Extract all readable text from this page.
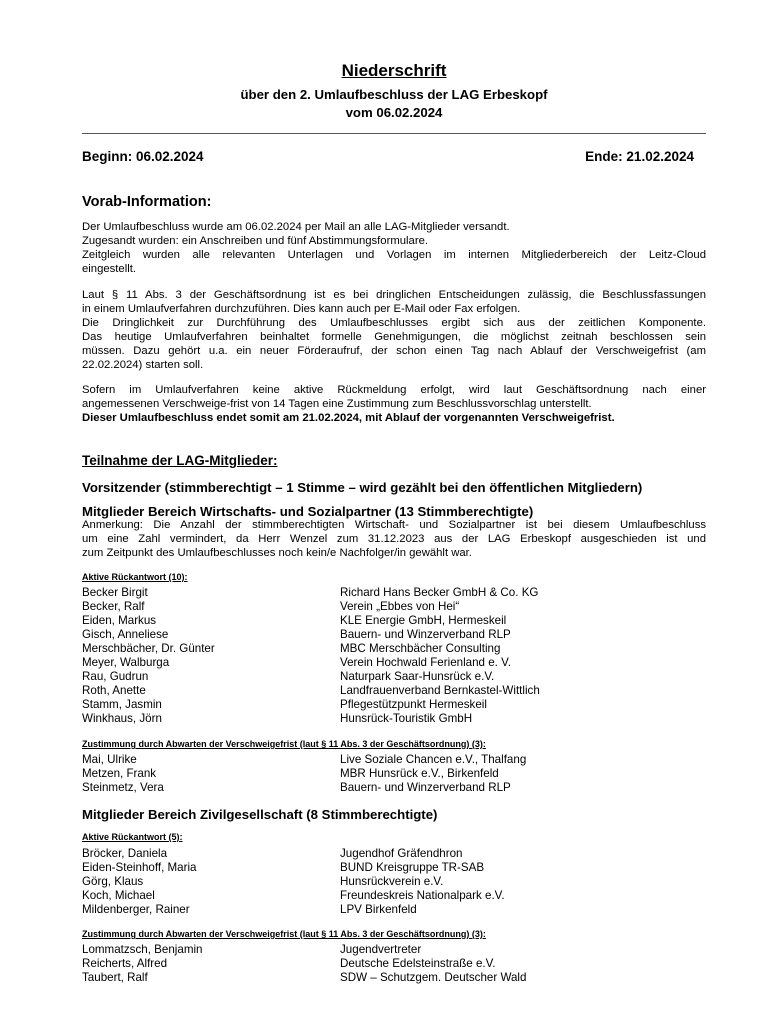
Niederschrift
über den 2. Umlaufbeschluss der LAG Erbeskopf
vom 06.02.2024
Beginn: 06.02.2024	Ende: 21.02.2024
Vorab-Information:
Der Umlaufbeschluss wurde am 06.02.2024 per Mail an alle LAG-Mitglieder versandt.
Zugesandt wurden: ein Anschreiben und fünf Abstimmungsformulare.
Zeitgleich wurden alle relevanten Unterlagen und Vorlagen im internen Mitgliederbereich der Leitz-Cloud
eingestellt.
Laut § 11 Abs. 3 der Geschäftsordnung ist es bei dringlichen Entscheidungen zulässig, die Beschlussfassungen
in einem Umlaufverfahren durchzuführen. Dies kann auch per E-Mail oder Fax erfolgen.
Die Dringlichkeit zur Durchführung des Umlaufbeschlusses ergibt sich aus der zeitlichen Komponente.
Das heutige Umlaufverfahren beinhaltet formelle Genehmigungen, die möglichst zeitnah beschlossen sein
müssen. Dazu gehört u.a. ein neuer Förderaufruf, der schon einen Tag nach Ablauf der Verschweigefrist (am
22.02.2024) starten soll.
Sofern im Umlaufverfahren keine aktive Rückmeldung erfolgt, wird laut Geschäftsordnung nach einer
angemessenen Verschweige-frist von 14 Tagen eine Zustimmung zum Beschlussvorschlag unterstellt.
Dieser Umlaufbeschluss endet somit am 21.02.2024, mit Ablauf der vorgenannten Verschweigefrist.
Teilnahme der LAG-Mitglieder:
Vorsitzender (stimmberechtigt – 1 Stimme – wird gezählt bei den öffentlichen Mitgliedern)
Mitglieder Bereich Wirtschafts- und Sozialpartner (13 Stimmberechtigte)
Anmerkung: Die Anzahl der stimmberechtigten Wirtschaft- und Sozialpartner ist bei diesem Umlaufbeschluss
um eine Zahl vermindert, da Herr Wenzel zum 31.12.2023 aus der LAG Erbeskopf ausgeschieden ist und
zum Zeitpunkt des Umlaufbeschlusses noch kein/e Nachfolger/in gewählt war.
Aktive Rückantwort (10):
Becker Birgit	Richard Hans Becker GmbH & Co. KG
Becker, Ralf	Verein „Ebbes von Hei“
Eiden, Markus	KLE Energie GmbH, Hermeskeil
Gisch, Anneliese	Bauern- und Winzerverband RLP
Merschbächer, Dr. Günter	MBC Merschbächer Consulting
Meyer, Walburga	Verein Hochwald Ferienland e. V.
Rau, Gudrun	Naturpark Saar-Hunsrück e.V.
Roth, Anette	Landfrauenverband Bernkastel-Wittlich
Stamm, Jasmin	Pflegestützpunkt Hermeskeil
Winkhaus, Jörn	Hunsrück-Touristik GmbH
Zustimmung durch Abwarten der Verschweigefrist (laut § 11 Abs. 3 der Geschäftsordnung) (3):
Mai, Ulrike	Live Soziale Chancen e.V., Thalfang
Metzen, Frank	MBR Hunsrück e.V., Birkenfeld
Steinmetz, Vera	Bauern- und Winzerverband RLP
Mitglieder Bereich Zivilgesellschaft (8 Stimmberechtigte)
Aktive Rückantwort (5):
Bröcker, Daniela	Jugendhof Gräfendhron
Eiden-Steinhoff, Maria	BUND Kreisgruppe TR-SAB
Görg, Klaus	Hunsrückverein e.V.
Koch, Michael	Freundeskreis Nationalpark e.V.
Mildenberger, Rainer	LPV Birkenfeld
Zustimmung durch Abwarten der Verschweigefrist (laut § 11 Abs. 3 der Geschäftsordnung) (3):
Lommatzsch, Benjamin	Jugendvertreter
Reicherts, Alfred	Deutsche Edelsteinstraße e.V.
Taubert, Ralf	SDW – Schutzgem. Deutscher Wald
